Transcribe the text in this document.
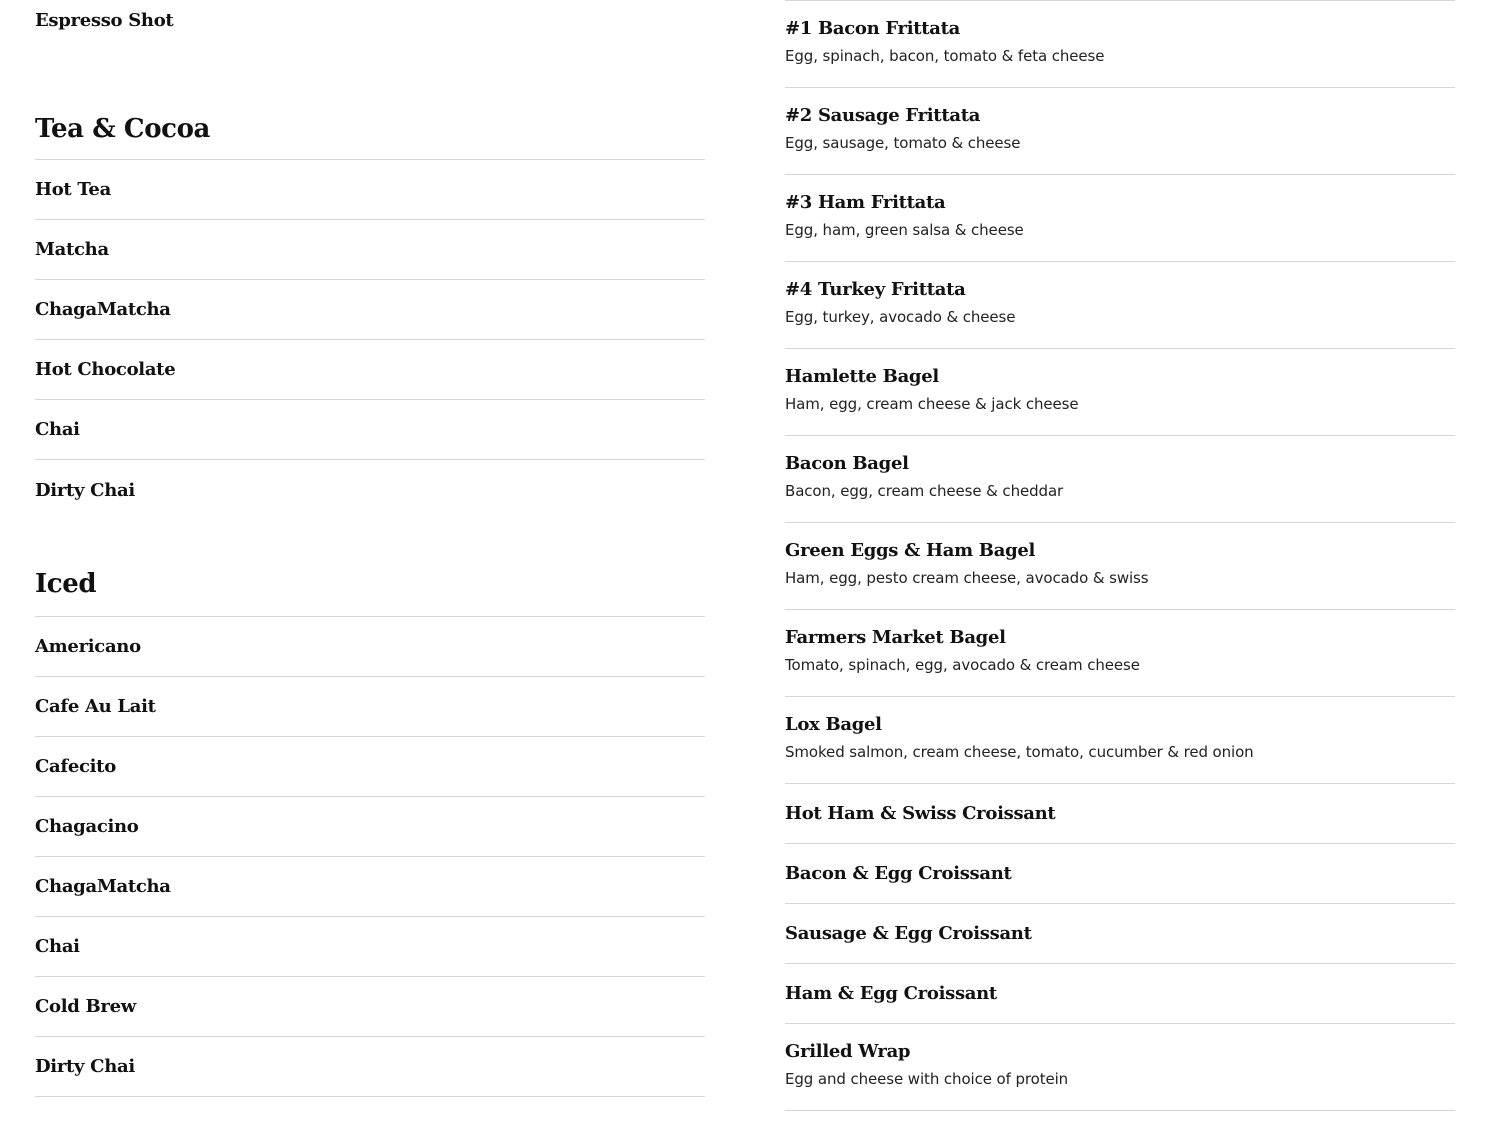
Espresso Shot
Tea & Cocoa
Hot Tea
Matcha
ChagaMatcha
Hot Chocolate
Chai
Dirty Chai
Iced
Americano
Cafe Au Lait
Cafecito
Chagacino
ChagaMatcha
Chai
Cold Brew
Dirty Chai
#1 Bacon Frittata
Egg, spinach, bacon, tomato & feta cheese
#2 Sausage Frittata
Egg, sausage, tomato & cheese
#3 Ham Frittata
Egg, ham, green salsa & cheese
#4 Turkey Frittata
Egg, turkey, avocado & cheese
Hamlette Bagel
Ham, egg, cream cheese & jack cheese
Bacon Bagel
Bacon, egg, cream cheese & cheddar
Green Eggs & Ham Bagel
Ham, egg, pesto cream cheese, avocado & swiss
Farmers Market Bagel
Tomato, spinach, egg, avocado & cream cheese
Lox Bagel
Smoked salmon, cream cheese, tomato, cucumber & red onion
Hot Ham & Swiss Croissant
Bacon & Egg Croissant
Sausage & Egg Croissant
Ham & Egg Croissant
Grilled Wrap
Egg and cheese with choice of protein
